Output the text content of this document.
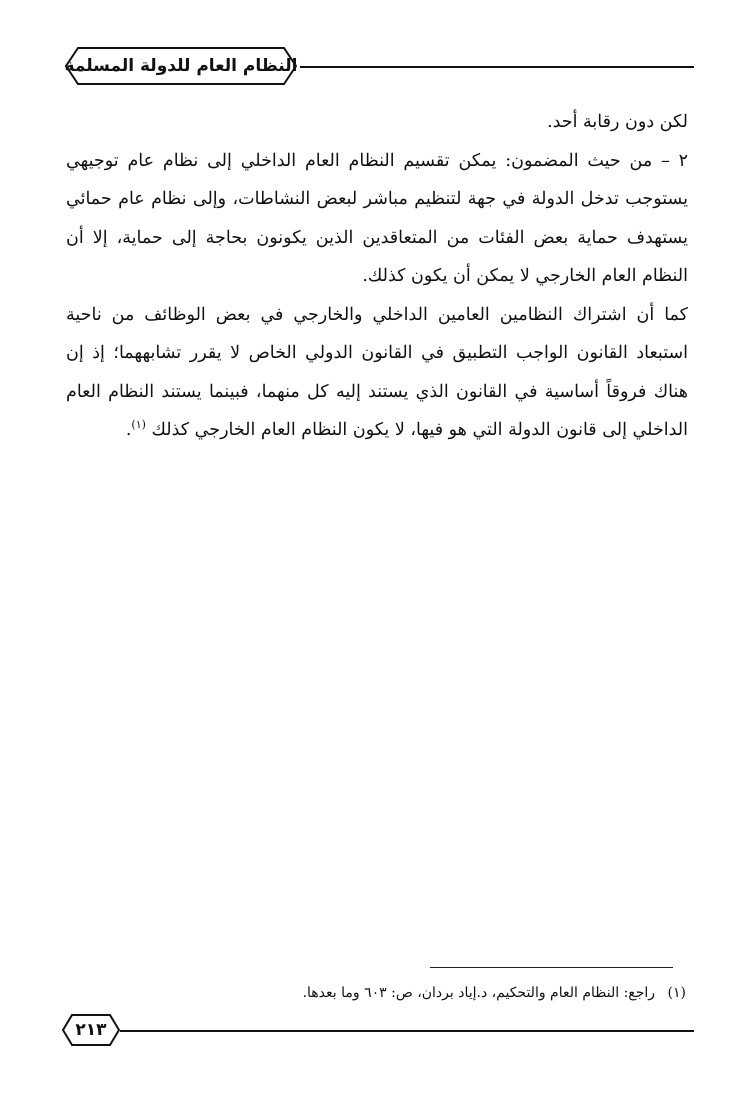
النظام العام للدولة المسلمة

لكن دون رقابة أحد.

٢ – من حيث المضمون: يمكن تقسيم النظام العام الداخلي إلى نظام عام توجيهي يستوجب تدخل الدولة في جهة لتنظيم مباشر لبعض النشاطات، وإلى نظام عام حمائي يستهدف حماية بعض الفئات من المتعاقدين الذين يكونون بحاجة إلى حماية، إلا أن النظام العام الخارجي لا يمكن أن يكون كذلك.

كما أن اشتراك النظامين العامين الداخلي والخارجي في بعض الوظائف من ناحية استبعاد القانون الواجب التطبيق في القانون الدولي الخاص لا يقرر تشابههما؛ إذ إن هناك فروقاً أساسية في القانون الذي يستند إليه كل منهما، فبينما يستند النظام العام الداخلي إلى قانون الدولة التي هو فيها، لا يكون النظام العام الخارجي كذلك $^{(١)}$.

(١) راجع: النظام العام والتحكيم، د.إياد بردان، ص: ٦٠٣ وما بعدها.
٢١٣
